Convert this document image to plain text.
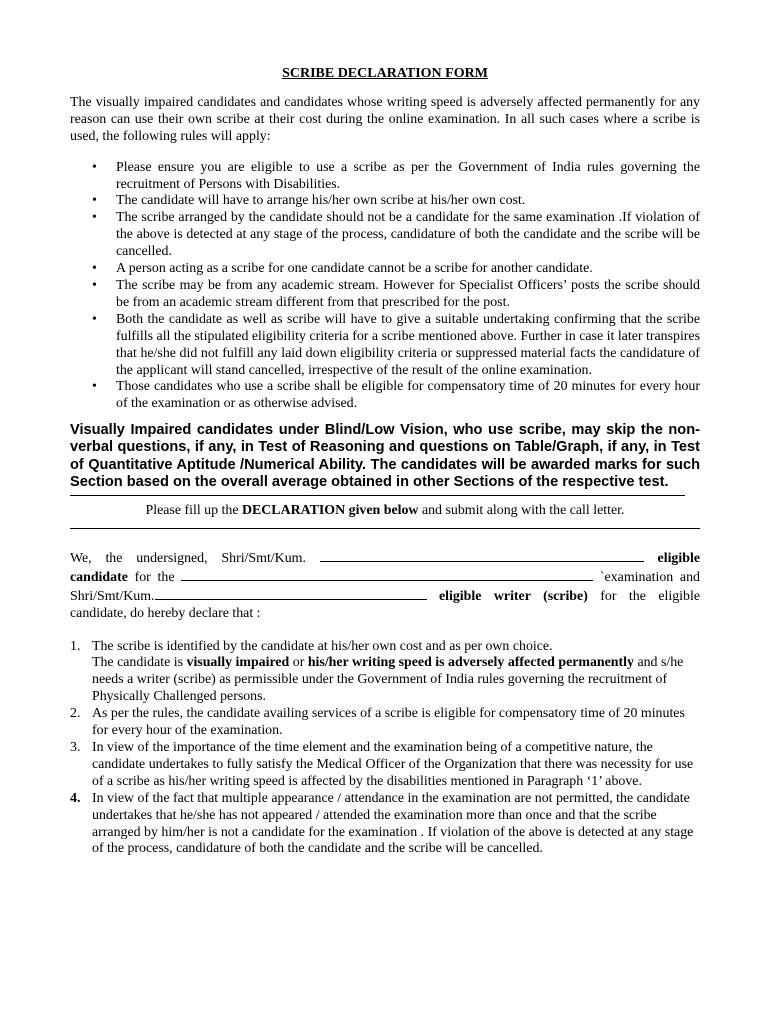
SCRIBE DECLARATION FORM

The visually impaired candidates and candidates whose writing speed is adversely affected permanently for any reason can use their own scribe at their cost during the online examination. In all such cases where a scribe is used, the following rules will apply:

• Please ensure you are eligible to use a scribe as per the Government of India rules governing the recruitment of Persons with Disabilities.
• The candidate will have to arrange his/her own scribe at his/her own cost.
• The scribe arranged by the candidate should not be a candidate for the same examination .If violation of the above is detected at any stage of the process, candidature of both the candidate and the scribe will be cancelled.
• A person acting as a scribe for one candidate cannot be a scribe for another candidate.
• The scribe may be from any academic stream. However for Specialist Officers’ posts the scribe should be from an academic stream different from that prescribed for the post.
• Both the candidate as well as scribe will have to give a suitable undertaking confirming that the scribe fulfills all the stipulated eligibility criteria for a scribe mentioned above. Further in case it later transpires that he/she did not fulfill any laid down eligibility criteria or suppressed material facts the candidature of the applicant will stand cancelled, irrespective of the result of the online examination.
• Those candidates who use a scribe shall be eligible for compensatory time of 20 minutes for every hour of the examination or as otherwise advised.

Visually Impaired candidates under Blind/Low Vision, who use scribe, may skip the non-verbal questions, if any, in Test of Reasoning and questions on Table/Graph, if any, in Test of Quantitative Aptitude /Numerical Ability. The candidates will be awarded marks for such Section based on the overall average obtained in other Sections of the respective test.

Please fill up the DECLARATION given below and submit along with the call letter.

We, the undersigned, Shri/Smt/Kum.	eligible candidate for the	`examination and Shri/Smt/Kum.	eligible writer (scribe) for the eligible candidate, do hereby declare that :

1. The scribe is identified by the candidate at his/her own cost and as per own choice.
The candidate is visually impaired or his/her writing speed is adversely affected permanently and s/he needs a writer (scribe) as permissible under the Government of India rules governing the recruitment of Physically Challenged persons.
2. As per the rules, the candidate availing services of a scribe is eligible for compensatory time of 20 minutes for every hour of the examination.
3. In view of the importance of the time element and the examination being of a competitive nature, the candidate undertakes to fully satisfy the Medical Officer of the Organization that there was necessity for use of a scribe as his/her writing speed is affected by the disabilities mentioned in Paragraph ‘1’ above.
4. In view of the fact that multiple appearance / attendance in the examination are not permitted, the candidate undertakes that he/she has not appeared / attended the examination more than once and that the scribe arranged by him/her is not a candidate for the examination . If violation of the above is detected at any stage of the process, candidature of both the candidate and the scribe will be cancelled.
